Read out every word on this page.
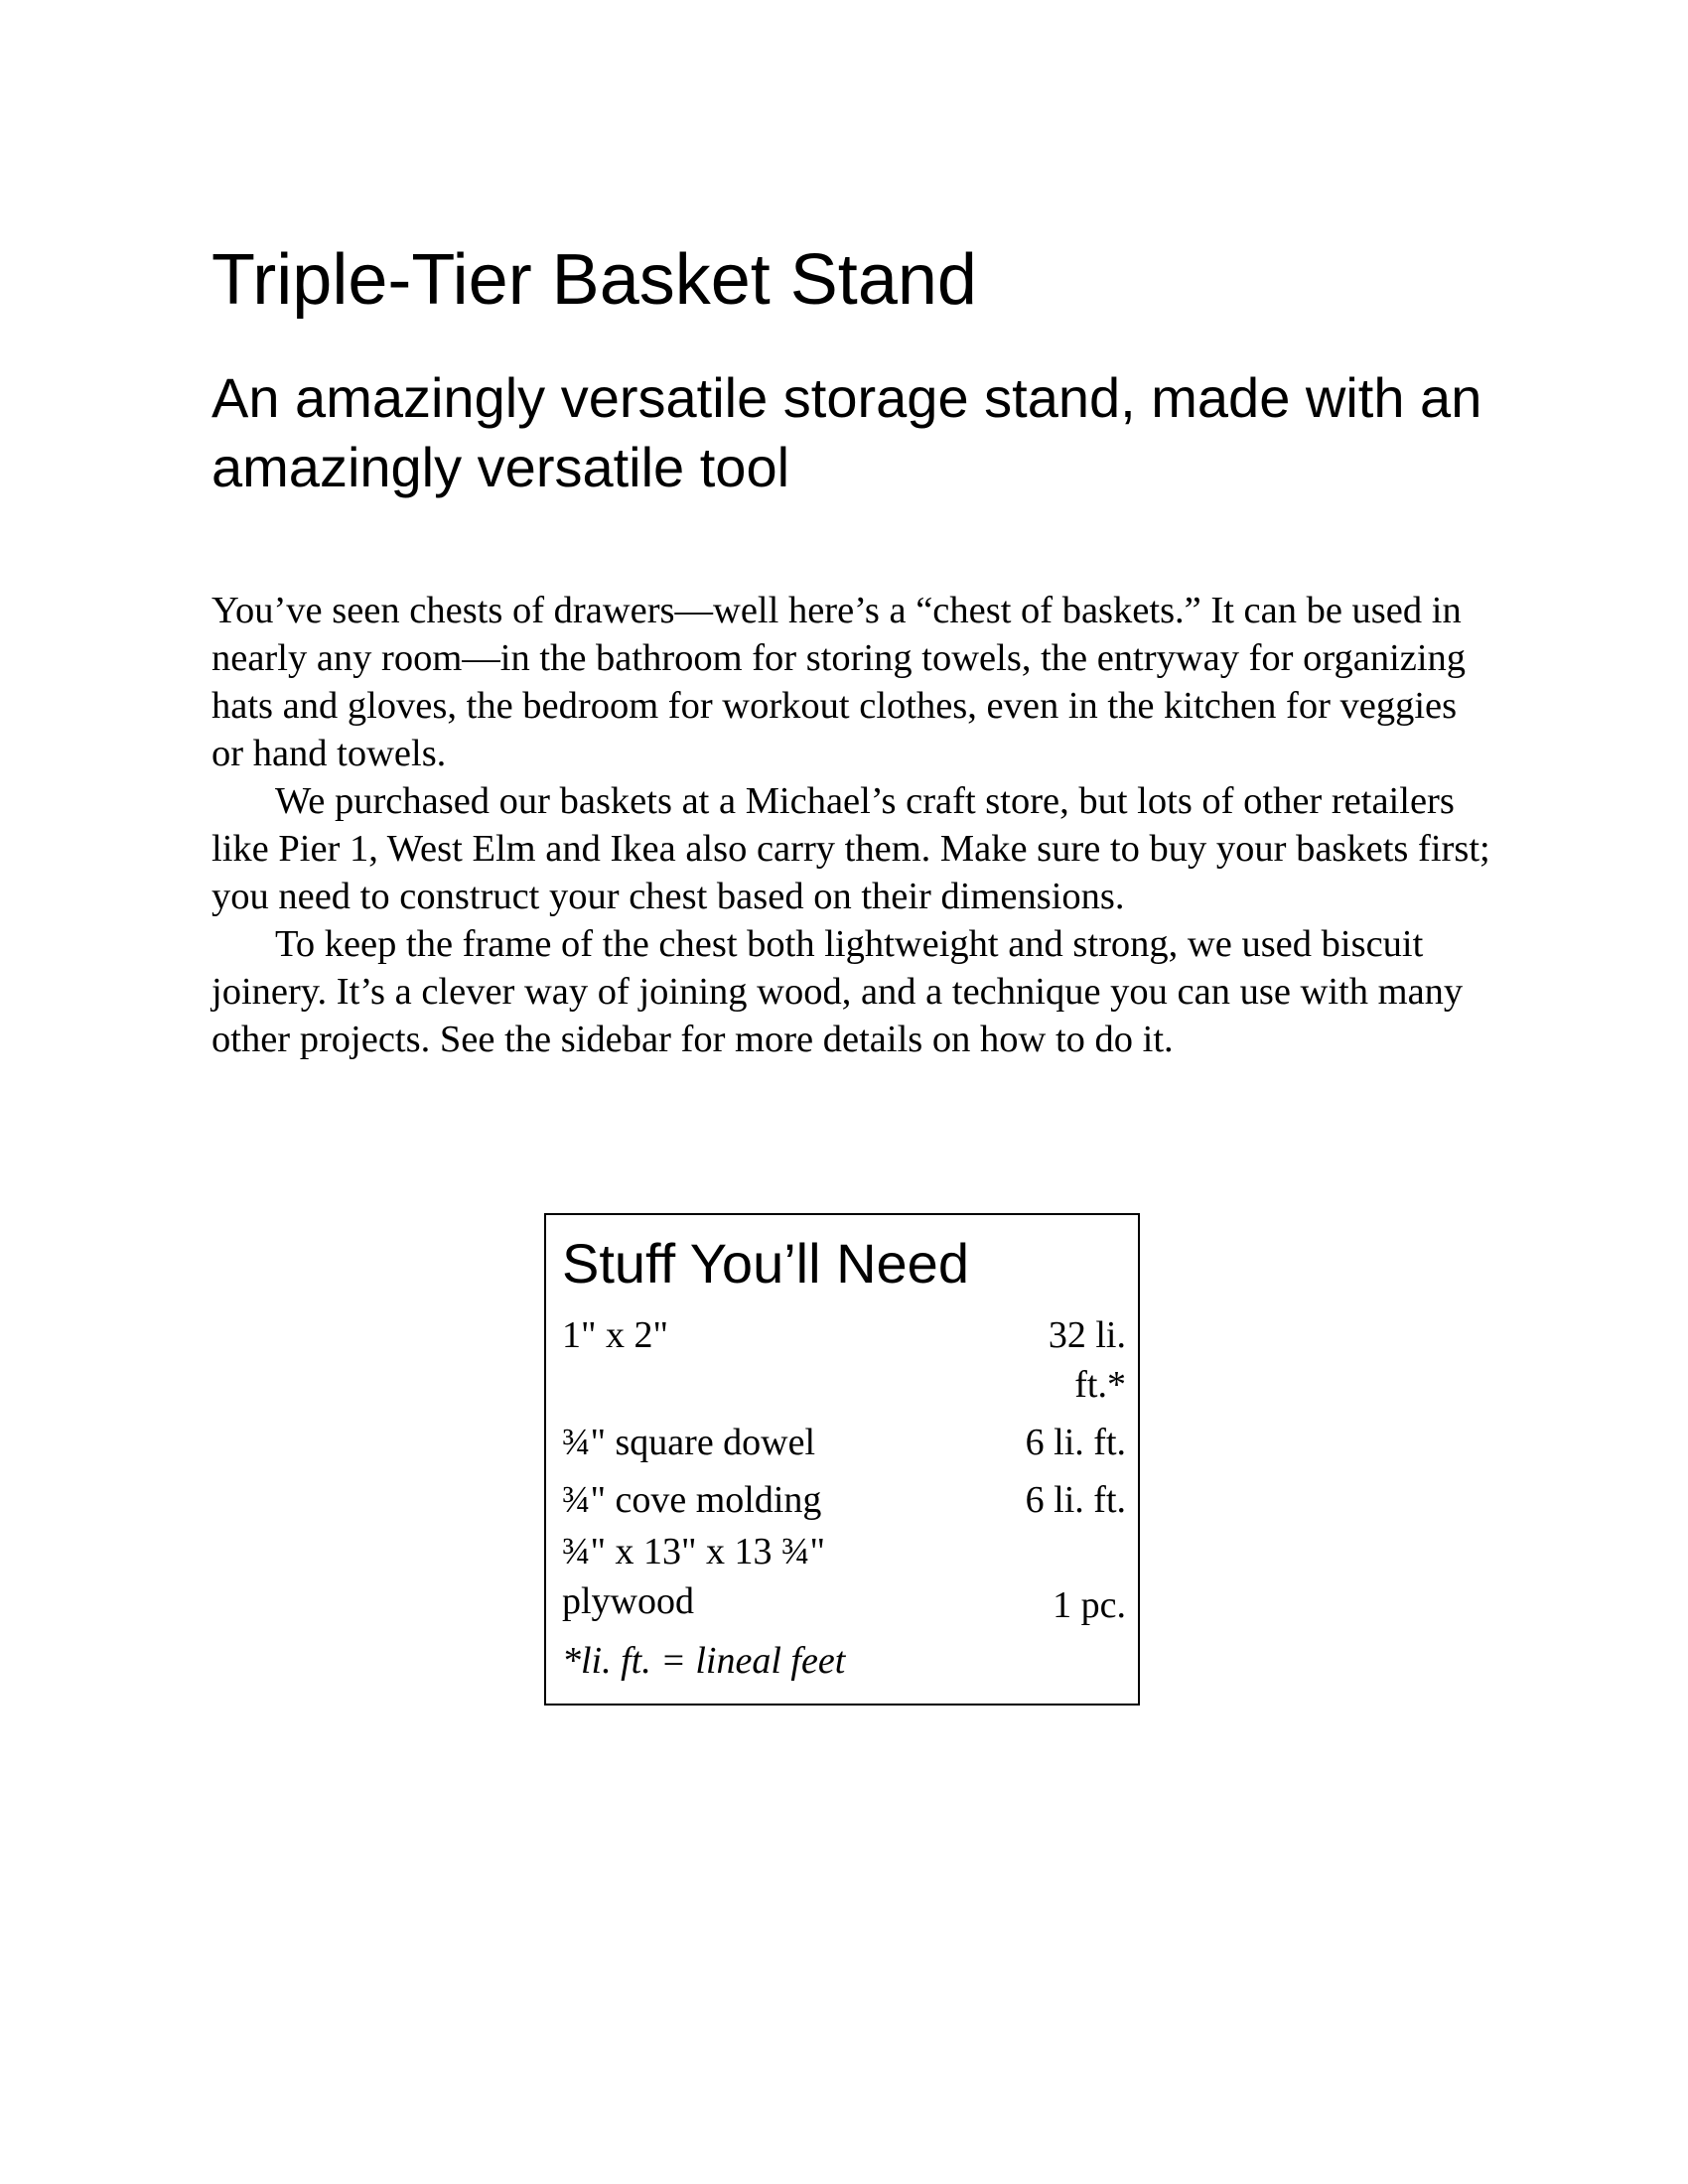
Triple-Tier Basket Stand
An amazingly versatile storage stand, made with an amazingly versatile tool

You’ve seen chests of drawers—well here’s a “chest of baskets.” It can be used in nearly any room—in the bathroom for storing towels, the entryway for organizing hats and gloves, the bedroom for workout clothes, even in the kitchen for veggies or hand towels.

We purchased our baskets at a Michael’s craft store, but lots of other retailers like Pier 1, West Elm and Ikea also carry them. Make sure to buy your baskets first; you need to construct your chest based on their dimensions.

To keep the frame of the chest both lightweight and strong, we used biscuit joinery. It’s a clever way of joining wood, and a technique you can use with many other projects. See the sidebar for more details on how to do it.

Stuff You’ll Need
1" x 2"	32 li. ft.*
¾" square dowel	6 li. ft.
¾" cove molding	6 li. ft.
¾" x 13" x 13 ¾" plywood	1 pc.
*li. ft. = lineal feet
